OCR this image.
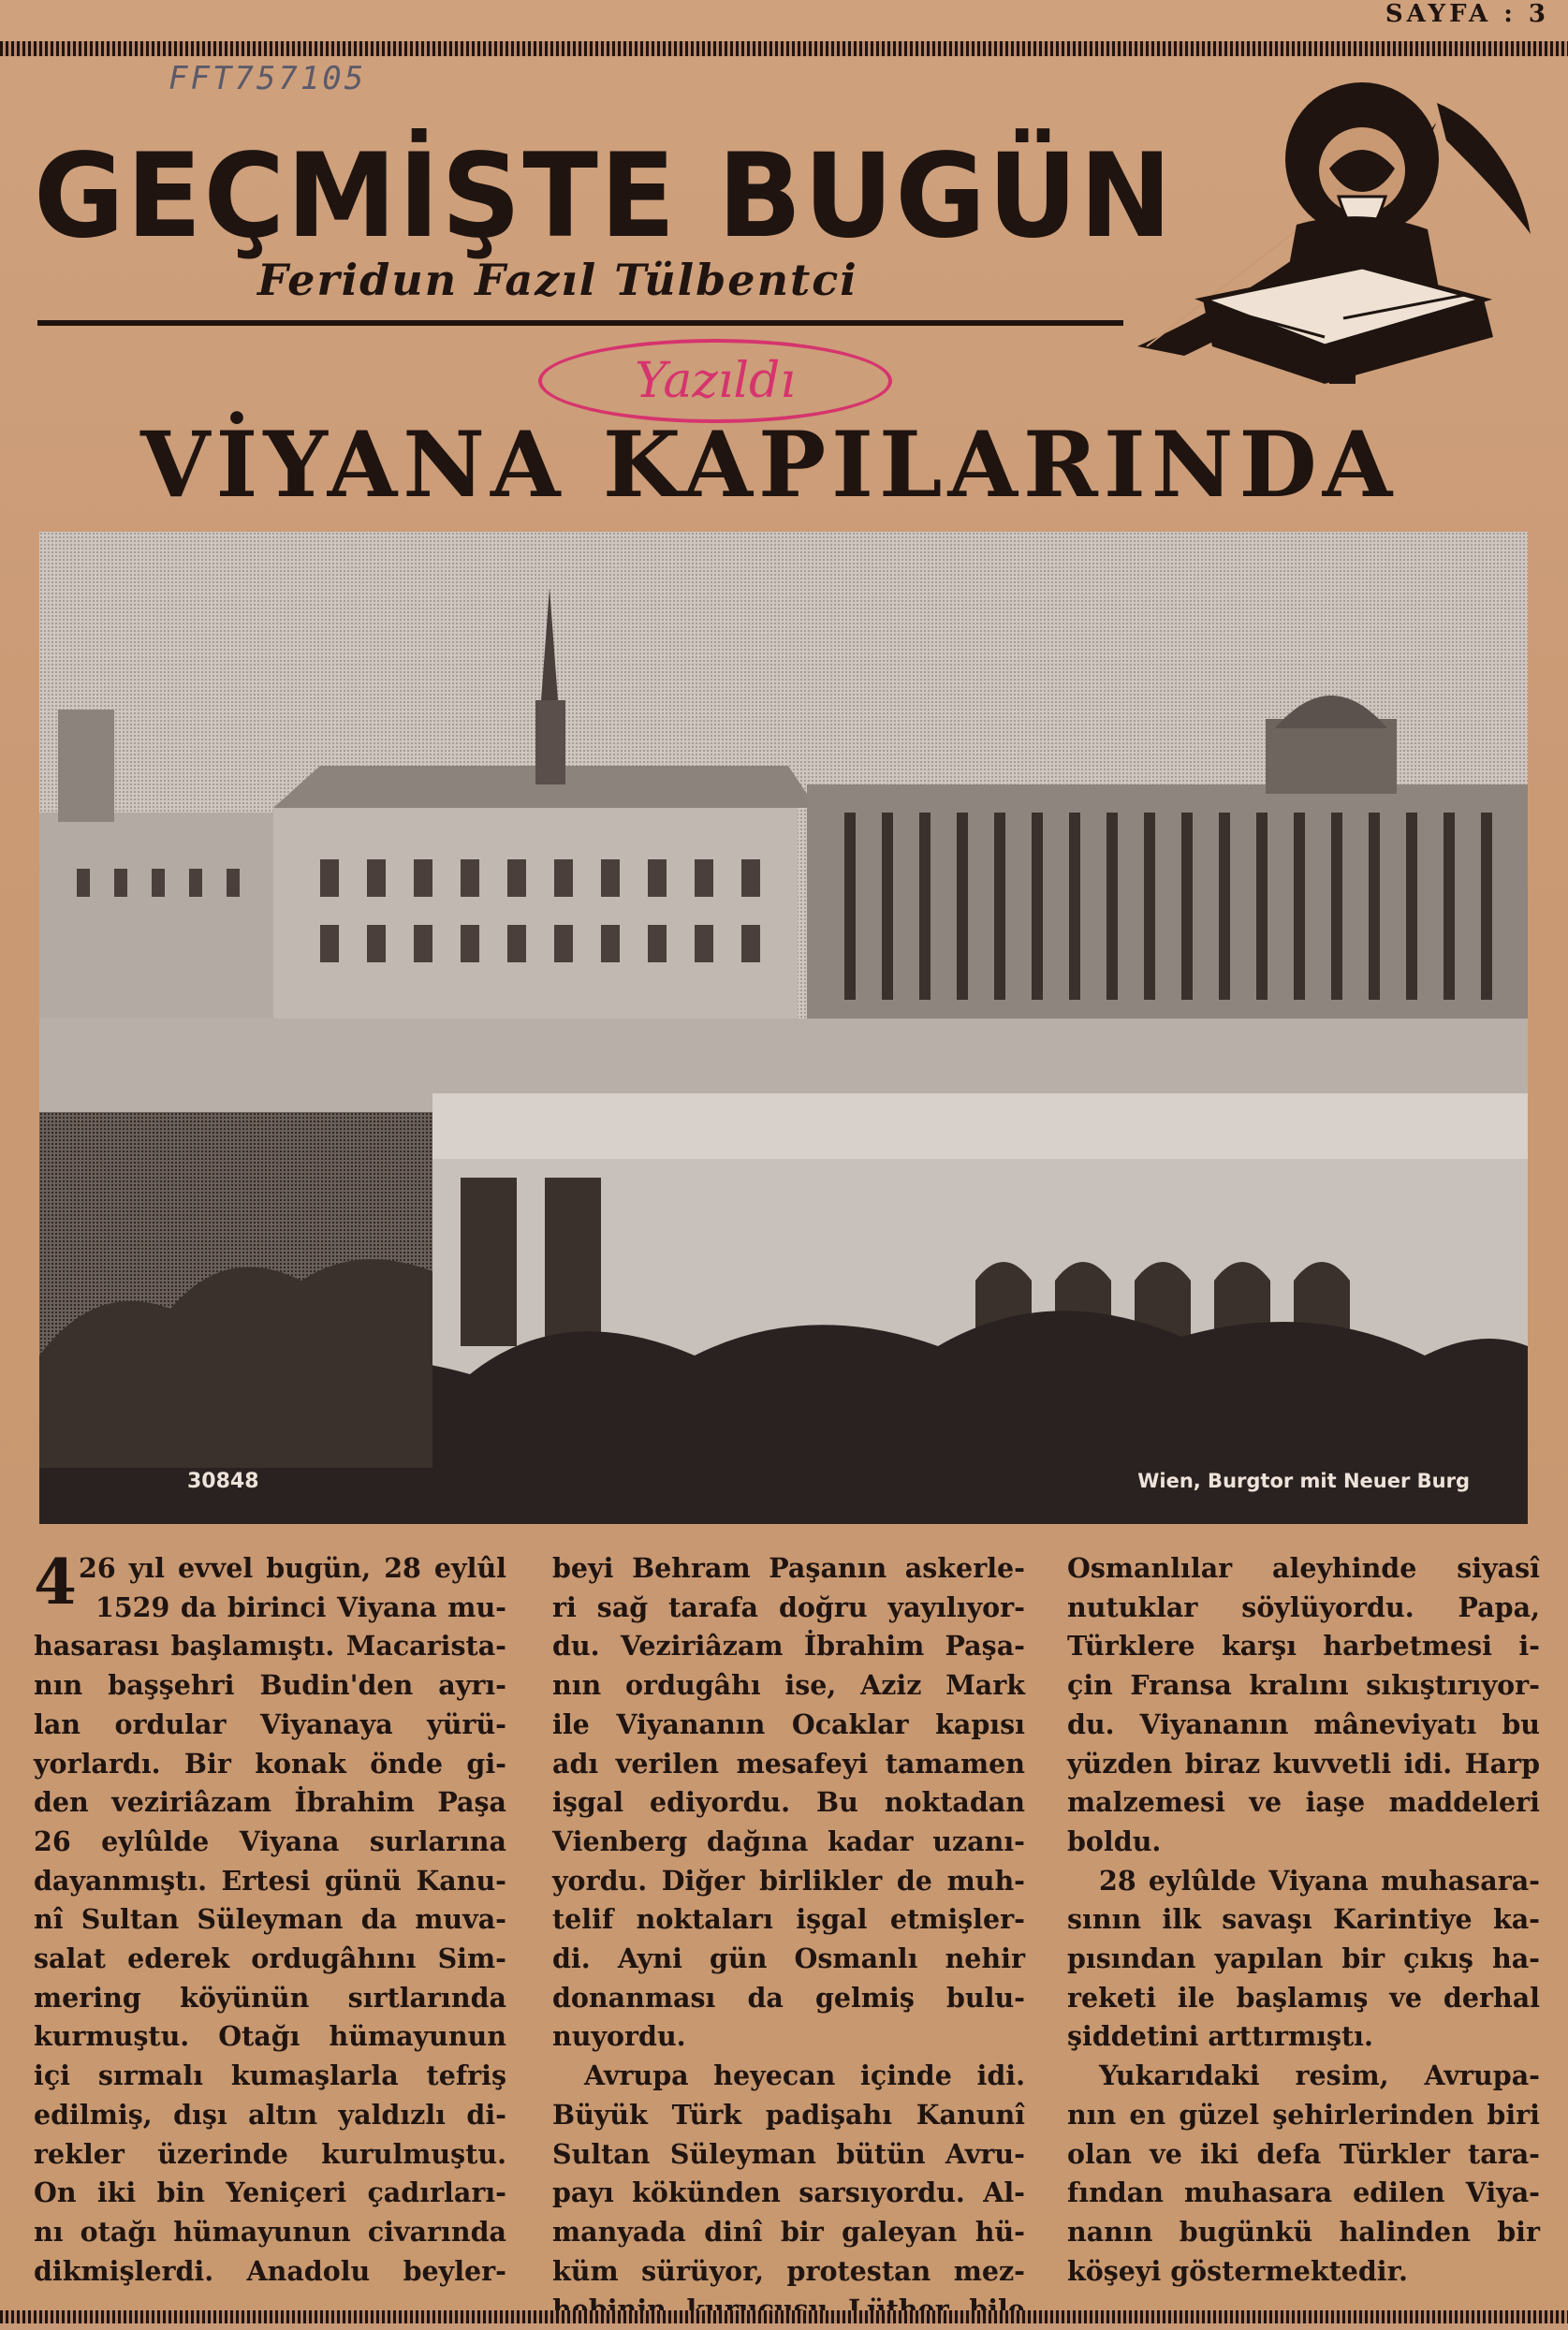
SAYFA : 3
FFT757105
GEÇMİŞTE BUGÜN
Feridun Fazıl Tülbentci
Yazıldı
VİYANA KAPILARINDA
30848	Wien, Burgtor mit Neuer Burg
4 26 yıl evvel bugün, 28 eylûl
1529 da birinci Viyana mu-
hasarası başlamıştı. Macarista-
nın başşehri Budin'den ayrı-
lan ordular Viyanaya yürü-
yorlardı. Bir konak önde gi-
den veziriâzam İbrahim Paşa
26 eylûlde Viyana surlarına
dayanmıştı. Ertesi günü Kanu-
nî Sultan Süleyman da muva-
salat ederek ordugâhını Sim-
mering köyünün sırtlarında
kurmuştu. Otağı hümayunun
içi sırmalı kumaşlarla tefriş
edilmiş, dışı altın yaldızlı di-
rekler üzerinde kurulmuştu.
On iki bin Yeniçeri çadırları-
nı otağı hümayunun civarında
dikmişlerdi. Anadolu beyler-
beyi Behram Paşanın askerle-
ri sağ tarafa doğru yayılıyor-
du. Veziriâzam İbrahim Paşa-
nın ordugâhı ise, Aziz Mark
ile Viyananın Ocaklar kapısı
adı verilen mesafeyi tamamen
işgal ediyordu. Bu noktadan
Vienberg dağına kadar uzanı-
yordu. Diğer birlikler de muh-
telif noktaları işgal etmişler-
di. Ayni gün Osmanlı nehir
donanması da gelmiş bulu-
nuyordu.
Avrupa heyecan içinde idi.
Büyük Türk padişahı Kanunî
Sultan Süleyman bütün Avru-
payı kökünden sarsıyordu. Al-
manyada dinî bir galeyan hü-
küm sürüyor, protestan mez-
Osmanlılar aleyhinde siyasî
nutuklar söylüyordu. Papa,
Türklere karşı harbetmesi i-
çin Fransa kralını sıkıştırıyor-
du. Viyananın mâneviyatı bu
yüzden biraz kuvvetli idi. Harp
malzemesi ve iaşe maddeleri
boldu.
28 eylûlde Viyana muhasara-
sının ilk savaşı Karintiye ka-
pısından yapılan bir çıkış ha-
reketi ile başlamış ve derhal
şiddetini arttırmıştı.
Yukarıdaki resim, Avrupa-
nın en güzel şehirlerinden biri
olan ve iki defa Türkler tara-
fından muhasara edilen Viya-
nanın bugünkü halinden bir
köşeyi göstermektedir.
